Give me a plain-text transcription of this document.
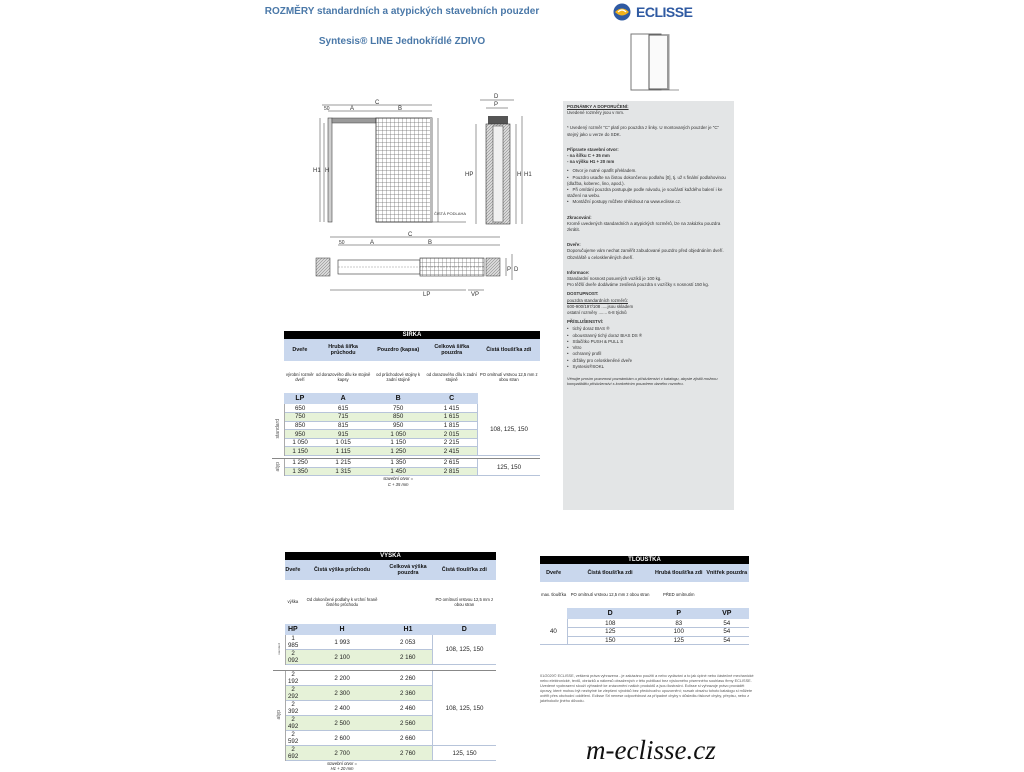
ROZMĚRY standardních a atypických stavebních pouzder
Syntesis® LINE Jednokřídlé ZDIVO
ECLISSE
50
C
A	B
H1 H
ČISTÁ PODLAHA
D
P
HP	H H1
C
50	A	B
P D
LP	VP

POZNÁMKY A DOPORUČENÍ:
Uvedené rozměry jsou v mm.

* Uvedený rozměr "C" platí pro pouzdra z linky. U montovaných pouzder je "C" stejný jako u verze do SDK.

Připravte stavební otvor:
- na šířku C + 35 mm
- na výšku H1 + 20 mm

• Otvor je nutné opatřit překladem.
• Pouzdro usaďte na čistou dokončenou podlahu [0], tj. už s finální podlahovinou (dlažba, koberec, lino, apod.).
• Při omítání pouzdra postupujte podle návodu, je součástí každého balení i ke stažení na webu.
• Montážní postupy můžete shlédnout na www.eclisse.cz.

Zkracování:
Kromě uvedených standardních a atypických rozměrů, lze na zakázku pouzdra zkrátit.

Dveře:
Doporučujeme vám nechat zaměřit zabudované pouzdro před objednáním dveří. Obzvláště u celoskleněných dveří.

Informace:
Standardní nosnost posuvných vozíků je 100 kg.
Pro těžší dveře dodáváme zesílená pouzdra s vozíčky s nosností 150 kg.

DOSTUPNOST:
pouzdra standardních rozměrů:
600-900/197/108 .....jsou skladem
ostatní rozměry ....... 6-8 týdnů

PŘÍSLUŠENSTVÍ:

• tichý doraz BIAS ®
• oboustranný tichý doraz BIAS DS ®
• Stlačítko PUSH & PULL S
• Vitro
• ochranný profil
• držáky pro celoskleněné dveře
• Syntesis®SOKL

Věnujte prosím pozornost poznámkám u příslušenství v katalogu, abyste zjistili možnou kompatibilitu příslušenství s konkrétním pouzdrem daného rozměru.

	ŠÍŘKA				
	Dveře	Hrubá šířka průchodu	Pouzdro (kapsa)	Celková šířka pouzdra	Čistá tloušťka zdi
	výrobní rozměr dveří	od dorazového dílu ke stojině kapsy	od průchodové stojiny k zadní stojině	od dorazového dílu k zadní stojině	PO omítnutí vrstvou 12,5 mm z obou stran
	LP	A	B	C	
standard	650	615	750	1 415	108, 125, 150
	750	715	850	1 615	
	850	815	950	1 815	
	950	915	1 050	2 015	
	1 050	1 015	1 150	2 215	
	1 150	1 115	1 250	2 415	

atyp	1 250	1 215	1 350	2 615	125, 150
	1 350	1 315	1 450	2 815	
			stavební otvor =
C + 35 mm		
	VÝŠKA			
	Dveře	Čistá výška průchodu	Celková výška pouzdra	Čistá tloušťka zdi
	výška	Od dokončené podlahy k vrchní hraně čistého průchodu		PO omítnutí vrstvou 12,5 mm z obou stran
	HP	H	H1	D
standard	1 985	1 993	2 053	108, 125, 150
	2 092	2 100	2 160	

atyp	2 192	2 200	2 260	108, 125, 150
	2 292	2 300	2 360	
	2 392	2 400	2 460	
	2 492	2 500	2 560	
	2 592	2 600	2 660	
	2 692	2 700	2 760	125, 150
		stavební otvor =
H1 + 20 mm		
TLOUŠŤKA			
Dveře	Čistá tloušťka zdi	Hrubá tloušťka zdi	Vnitřek pouzdra
max. tloušťka	PO omítnutí vrstvou 12,5 mm z obou stran	PŘED omítnutím	
	D	P	VP
40	108	83	54
	125	100	54
	150	125	54
01/2020© ECLISSE, veškerá práva vyhrazena - je zakázáno použití a nebo vydávání a to jak úplné nebo částečné mechanické nebo elektronické, textů, obrázků a nákresů obsažených v této publikaci bez výslovného písemného souhlasu firmy ECLISSE. Uvedené vyobrazení slouží výhradně ke znázornění našich produktů a jsou ilustrační. Eclisse si vyhrazuje právo provádět úpravy, které mohou být nezbytné ke zlepšení výrobků bez předchozího upozornění; rozsah obsahu tohoto katalogu si můžete ověřit přes obchodní oddělení. Eclisse Srl nenese odpovědnost za případné chyby v důsledku tiskové chyby, přepisu, nebo z jakéhokoliv jiného důvodu.
m-eclisse.cz
